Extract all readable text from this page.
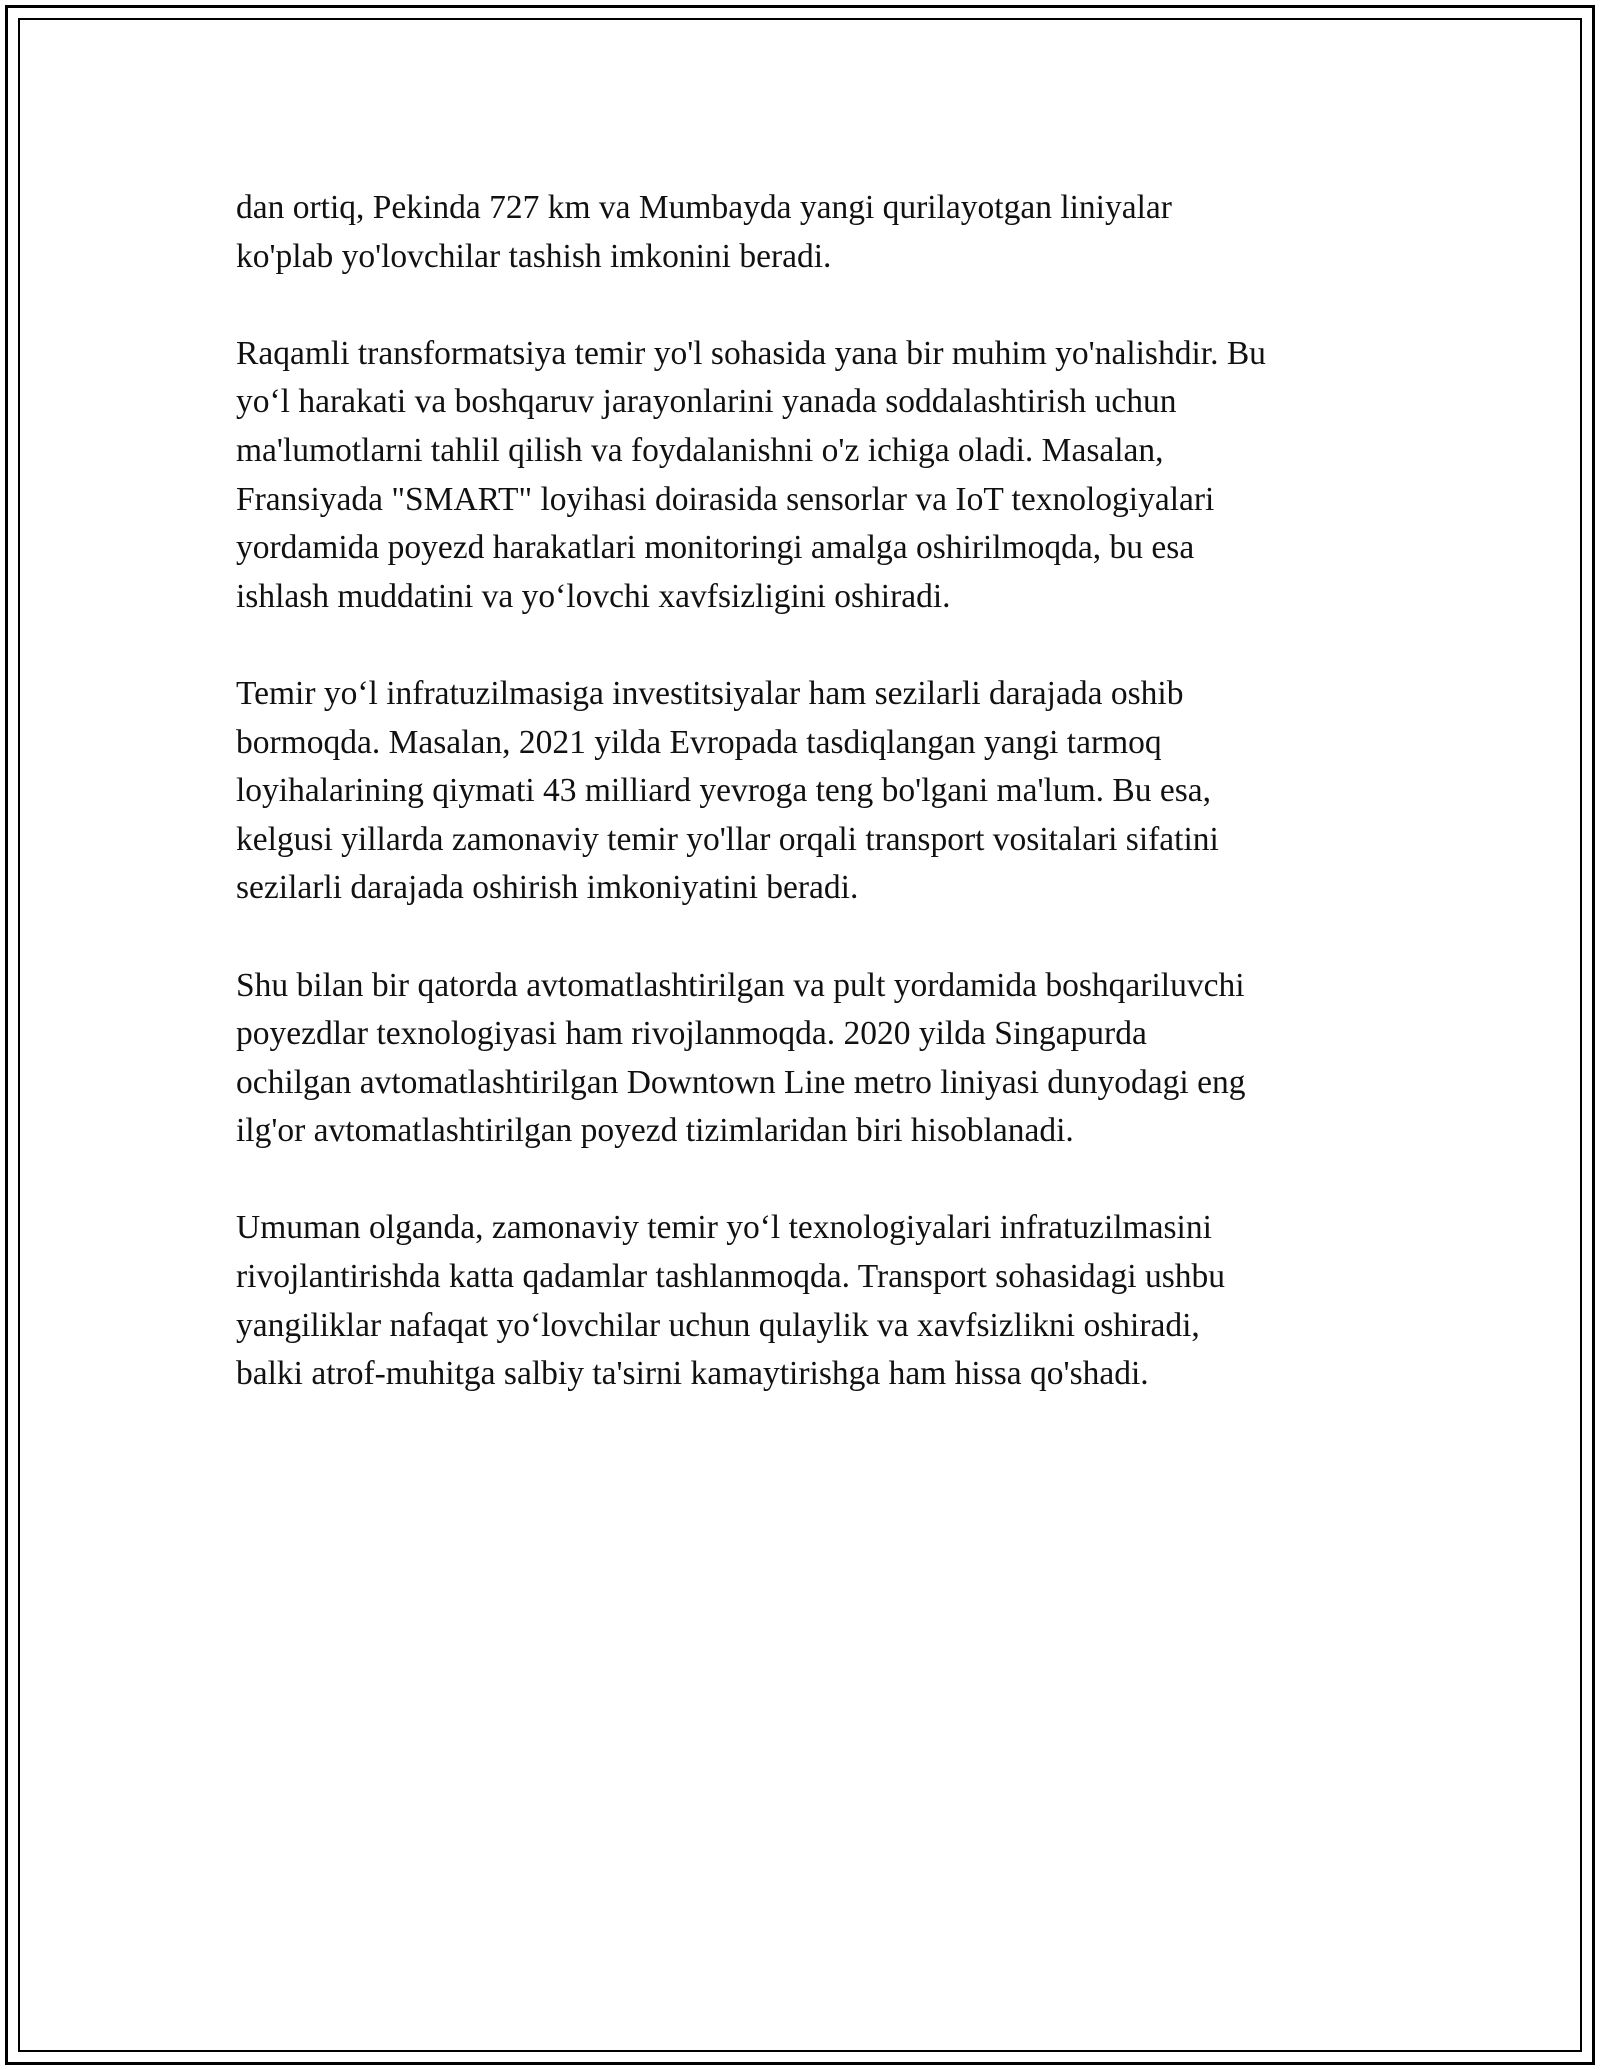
dan ortiq, Pekinda 727 km va Mumbayda yangi qurilayotgan liniyalar
ko'plab yo'lovchilar tashish imkonini beradi.

Raqamli transformatsiya temir yo'l sohasida yana bir muhim yo'nalishdir. Bu
yo‘l harakati va boshqaruv jarayonlarini yanada soddalashtirish uchun
ma'lumotlarni tahlil qilish va foydalanishni o'z ichiga oladi. Masalan,
Fransiyada "SMART" loyihasi doirasida sensorlar va IoT texnologiyalari
yordamida poyezd harakatlari monitoringi amalga oshirilmoqda, bu esa
ishlash muddatini va yo‘lovchi xavfsizligini oshiradi.

Temir yo‘l infratuzilmasiga investitsiyalar ham sezilarli darajada oshib
bormoqda. Masalan, 2021 yilda Evropada tasdiqlangan yangi tarmoq
loyihalarining qiymati 43 milliard yevroga teng bo'lgani ma'lum. Bu esa,
kelgusi yillarda zamonaviy temir yo'llar orqali transport vositalari sifatini
sezilarli darajada oshirish imkoniyatini beradi.

Shu bilan bir qatorda avtomatlashtirilgan va pult yordamida boshqariluvchi
poyezdlar texnologiyasi ham rivojlanmoqda. 2020 yilda Singapurda
ochilgan avtomatlashtirilgan Downtown Line metro liniyasi dunyodagi eng
ilg'or avtomatlashtirilgan poyezd tizimlaridan biri hisoblanadi.

Umuman olganda, zamonaviy temir yo‘l texnologiyalari infratuzilmasini
rivojlantirishda katta qadamlar tashlanmoqda. Transport sohasidagi ushbu
yangiliklar nafaqat yo‘lovchilar uchun qulaylik va xavfsizlikni oshiradi,
balki atrof-muhitga salbiy ta'sirni kamaytirishga ham hissa qo'shadi.
